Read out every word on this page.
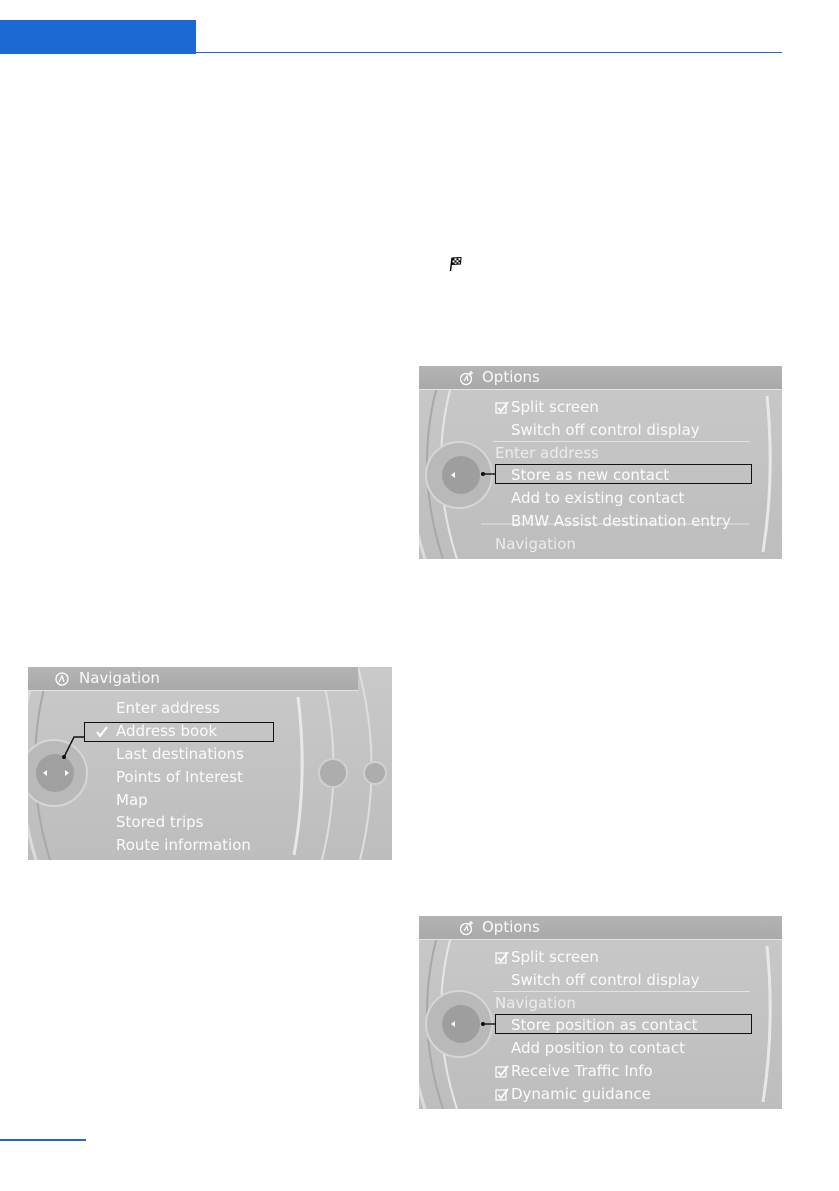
Options
Split screen
Switch off control display
Enter address
Store as new contact
Add to existing contact
BMW Assist destination entry
Navigation
Navigation
Enter address
Address book
Last destinations
Points of Interest
Map
Stored trips
Route information
Options
Split screen
Switch off control display
Navigation
Store position as contact
Add position to contact
Receive Traffic Info
Dynamic guidance
